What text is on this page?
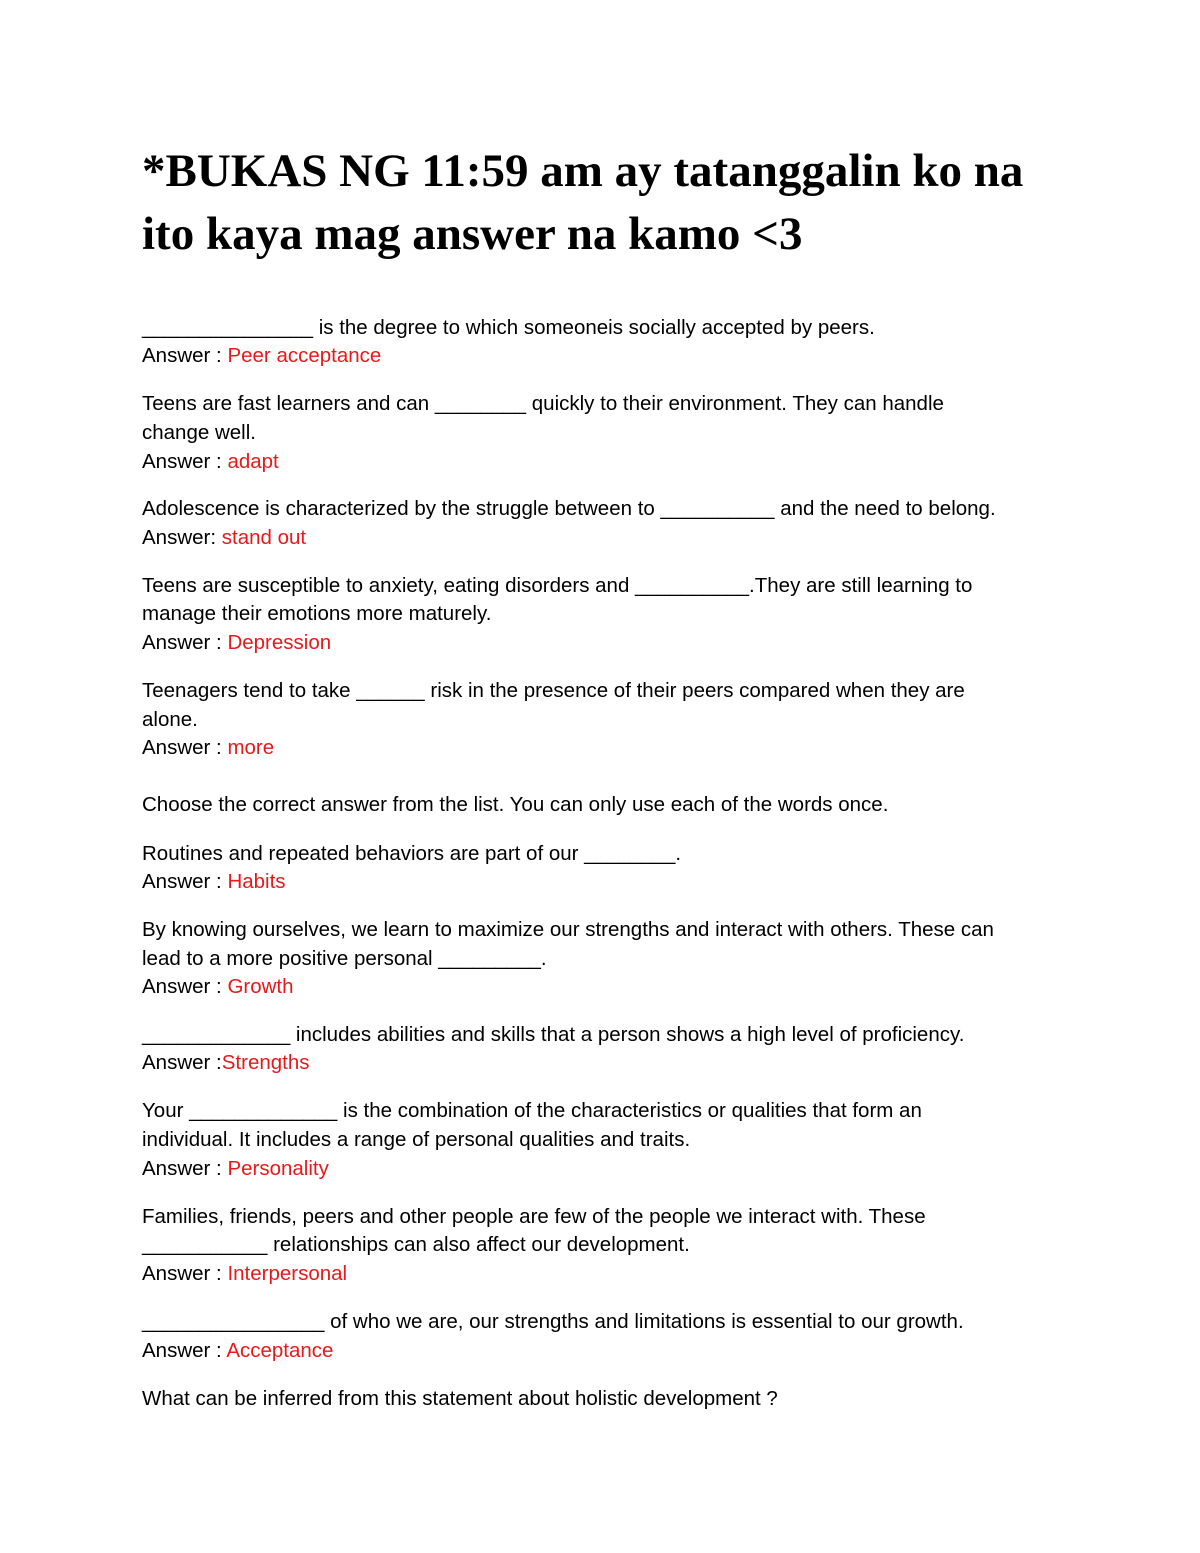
*BUKAS NG 11:59 am ay tatanggalin ko na
ito kaya mag answer na kamo <3
_______________ is the degree to which someoneis socially accepted by peers.
Answer : Peer acceptance
Teens are fast learners and can ________ quickly to their environment. They can handle
change well.
Answer : adapt
Adolescence is characterized by the struggle between to __________ and the need to belong.
Answer: stand out
Teens are susceptible to anxiety, eating disorders and __________.They are still learning to
manage their emotions more maturely.
Answer : Depression
Teenagers tend to take ______ risk in the presence of their peers compared when they are
alone.
Answer : more
Choose the correct answer from the list. You can only use each of the words once.
Routines and repeated behaviors are part of our ________.
Answer : Habits
By knowing ourselves, we learn to maximize our strengths and interact with others. These can
lead to a more positive personal _________.
Answer : Growth
_____________ includes abilities and skills that a person shows a high level of proficiency.
Answer :Strengths
Your _____________ is the combination of the characteristics or qualities that form an
individual. It includes a range of personal qualities and traits.
Answer : Personality
Families, friends, peers and other people are few of the people we interact with. These
___________ relationships can also affect our development.
Answer : Interpersonal
________________ of who we are, our strengths and limitations is essential to our growth.
Answer : Acceptance
What can be inferred from this statement about holistic development ?
